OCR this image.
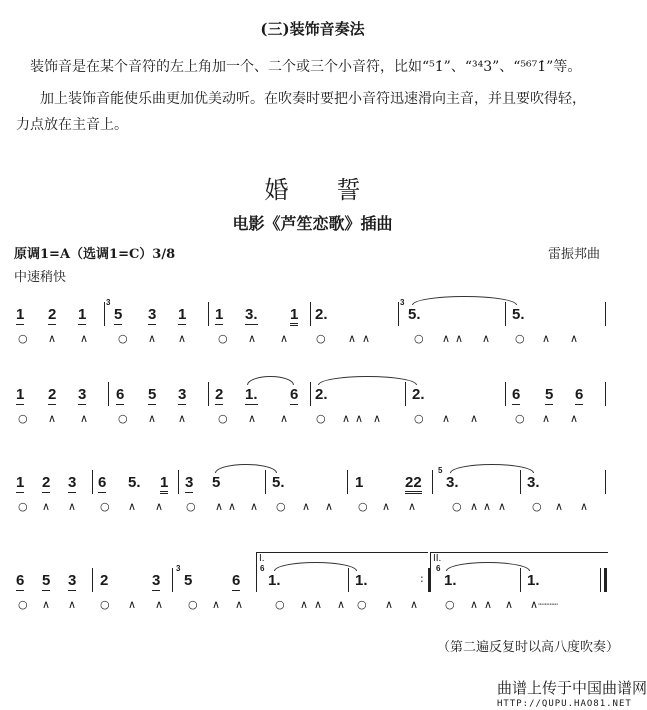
(三)装饰音奏法
装饰音是在某个音符的左上角加一个、二个或三个小音符，比如“⁵1̇”、“³⁴3”、“⁵⁶⁷1̇”等。
加上装饰音能使乐曲更加优美动听。在吹奏时要把小音符迅速滑向主音，并且要吹得轻，
力点放在主音上。
婚誓
电影《芦笙恋歌》插曲
原调1=A（选调1=C）3/8	雷振邦曲
中速稍快
1 2 1 5 3 1 1 3. 1 2.	5.	5.
3	3
○ ∧ ∧	○ ∧ ∧	○ ∧ ∧	○ ∧ ∧	○ ∧ ∧ ∧ ○ ∧ ∧
1 2 3 6 5 3 2 1. 6 2.	2.	6 5 6
○ ∧ ∧	○ ∧ ∧	○ ∧ ∧	○ ∧ ∧ ∧	○ ∧ ∧	○ ∧ ∧
1 2 3 6 5. 1 3 5	5.	1	22 3.	3.
5
○ ∧ ∧ ○ ∧ ∧ ○ ∧ ∧ ∧ ○ ∧ ∧ ○ ∧ ∧	○ ∧ ∧ ∧ ○ ∧ ∧
6 5 3 2	3 5	6 1.	1.	1.	1.
3	6	6
○ ∧ ∧ ○ ∧ ∧ ○ ∧ ∧	○ ∧ ∧ ∧ ○ ∧ ∧ ○ ∧ ∧ ∧ ∧┈┈┈
I.	II.
:
（第二遍反复时以高八度吹奏）
曲谱上传于中国曲谱网
HTTP://QUPU.HAO81.NET
